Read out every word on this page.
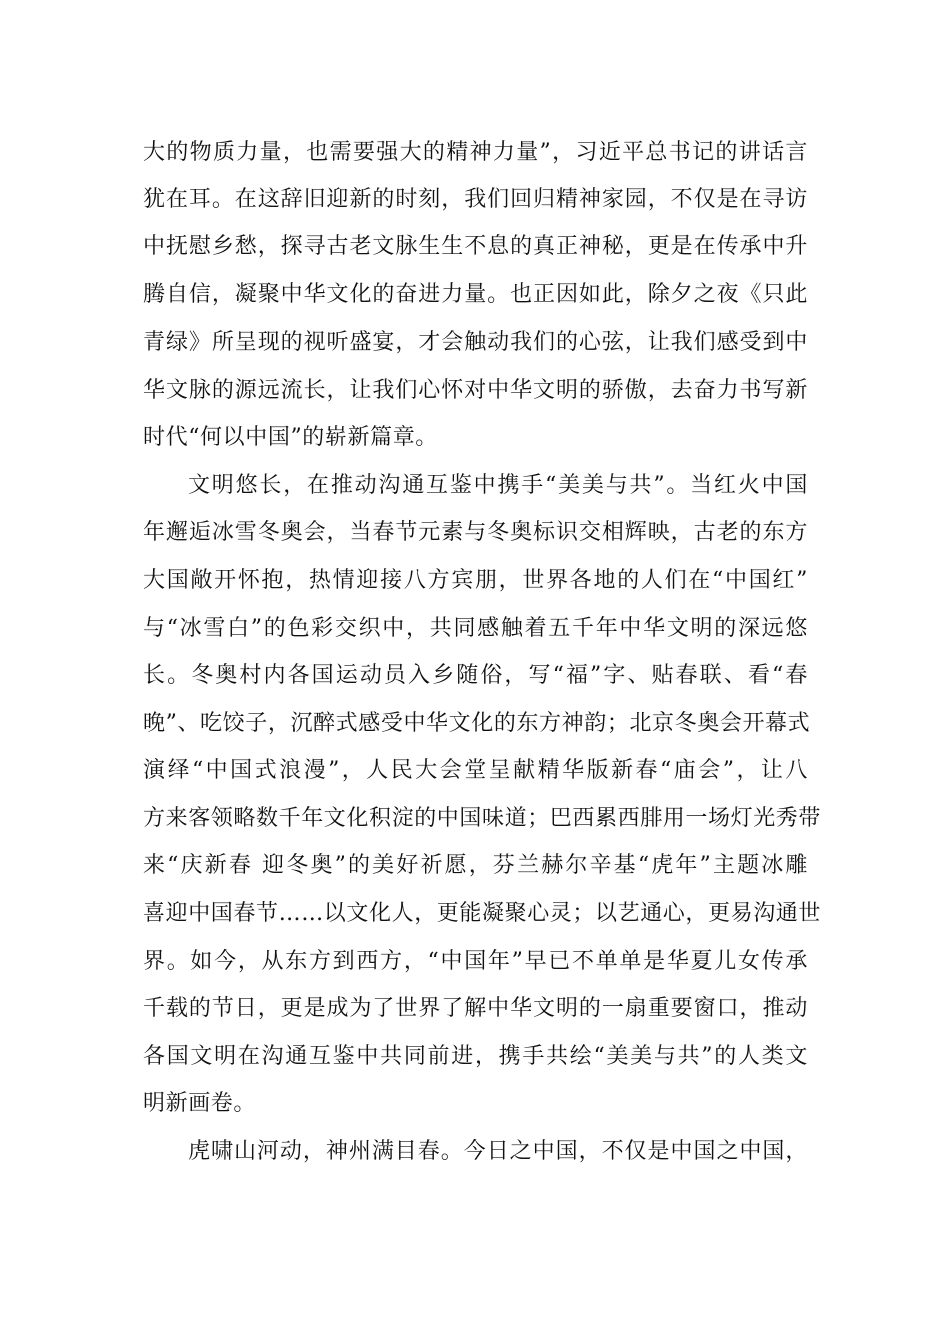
大的物质力量，也需要强大的精神力量”，习近平总书记的讲话言
犹在耳。在这辞旧迎新的时刻，我们回归精神家园，不仅是在寻访
中抚慰乡愁，探寻古老文脉生生不息的真正神秘，更是在传承中升
腾自信，凝聚中华文化的奋进力量。也正因如此，除夕之夜《只此
青绿》所呈现的视听盛宴，才会触动我们的心弦，让我们感受到中
华文脉的源远流长，让我们心怀对中华文明的骄傲，去奋力书写新
时代“何以中国”的崭新篇章。
文明悠长，在推动沟通互鉴中携手“美美与共”。当红火中国
年邂逅冰雪冬奥会，当春节元素与冬奥标识交相辉映，古老的东方
大国敞开怀抱，热情迎接八方宾朋，世界各地的人们在“中国红”
与“冰雪白”的色彩交织中，共同感触着五千年中华文明的深远悠
长。冬奥村内各国运动员入乡随俗，写“福”字、贴春联、看“春
晚”、吃饺子，沉醉式感受中华文化的东方神韵；北京冬奥会开幕式
演绎“中国式浪漫”，人民大会堂呈献精华版新春“庙会”，让八
方来客领略数千年文化积淀的中国味道；巴西累西腓用一场灯光秀带
来“庆新春 迎冬奥”的美好祈愿，芬兰赫尔辛基“虎年”主题冰雕
喜迎中国春节……以文化人，更能凝聚心灵；以艺通心，更易沟通世
界。如今，从东方到西方，“中国年”早已不单单是华夏儿女传承
千载的节日，更是成为了世界了解中华文明的一扇重要窗口，推动
各国文明在沟通互鉴中共同前进，携手共绘“美美与共”的人类文
明新画卷。
虎啸山河动，神州满目春。今日之中国，不仅是中国之中国，
